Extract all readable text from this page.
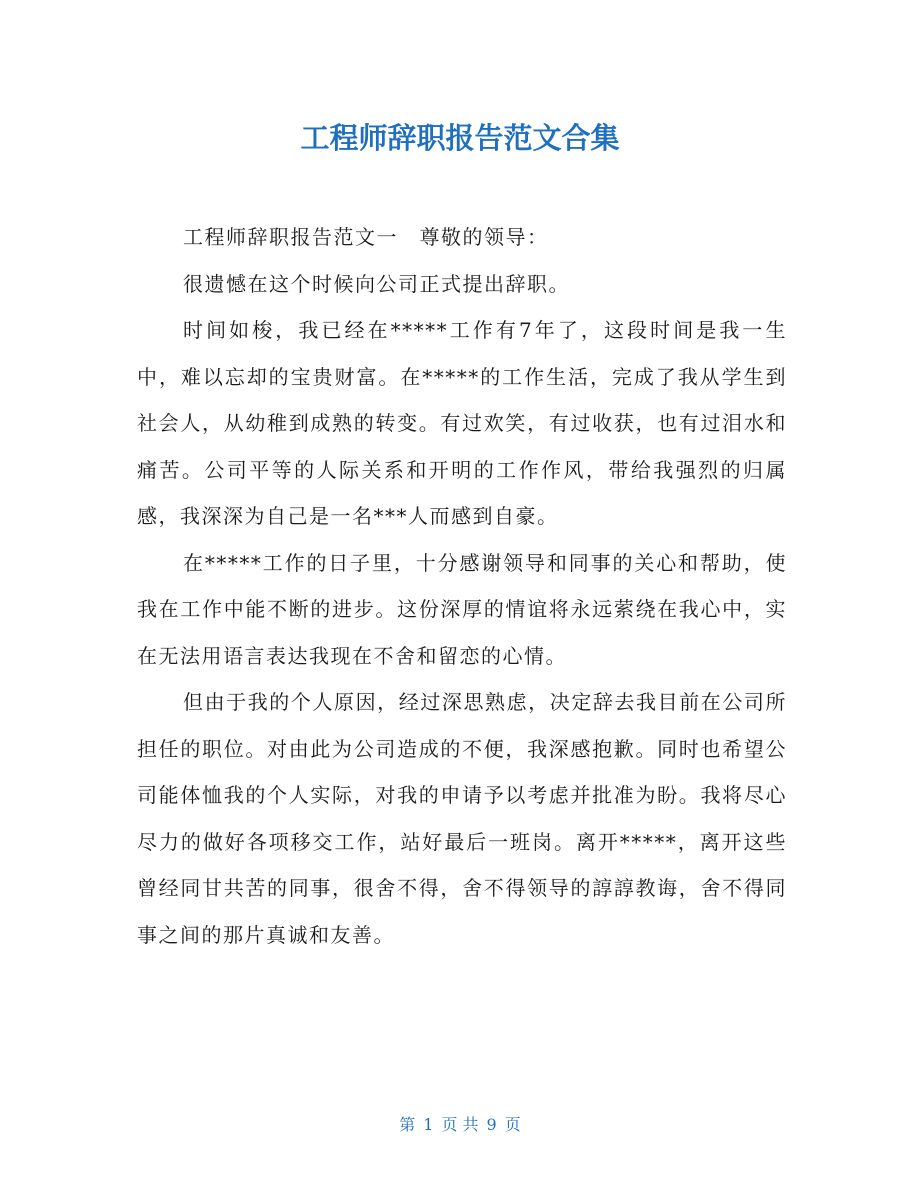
工程师辞职报告范文合集

工程师辞职报告范文一　尊敬的领导：

很遗憾在这个时候向公司正式提出辞职。

时间如梭，我已经在*****工作有7年了，这段时间是我一生中，难以忘却的宝贵财富。在*****的工作生活，完成了我从学生到社会人，从幼稚到成熟的转变。有过欢笑，有过收获，也有过泪水和痛苦。公司平等的人际关系和开明的工作作风，带给我强烈的归属感，我深深为自己是一名***人而感到自豪。

在*****工作的日子里，十分感谢领导和同事的关心和帮助，使我在工作中能不断的进步。这份深厚的情谊将永远萦绕在我心中，实在无法用语言表达我现在不舍和留恋的心情。

但由于我的个人原因，经过深思熟虑，决定辞去我目前在公司所担任的职位。对由此为公司造成的不便，我深感抱歉。同时也希望公司能体恤我的个人实际，对我的申请予以考虑并批准为盼。我将尽心尽力的做好各项移交工作，站好最后一班岗。离开*****，离开这些曾经同甘共苦的同事，很舍不得，舍不得领导的諄諄教诲，舍不得同事之间的那片真诚和友善。

第 1 页 共 9 页
